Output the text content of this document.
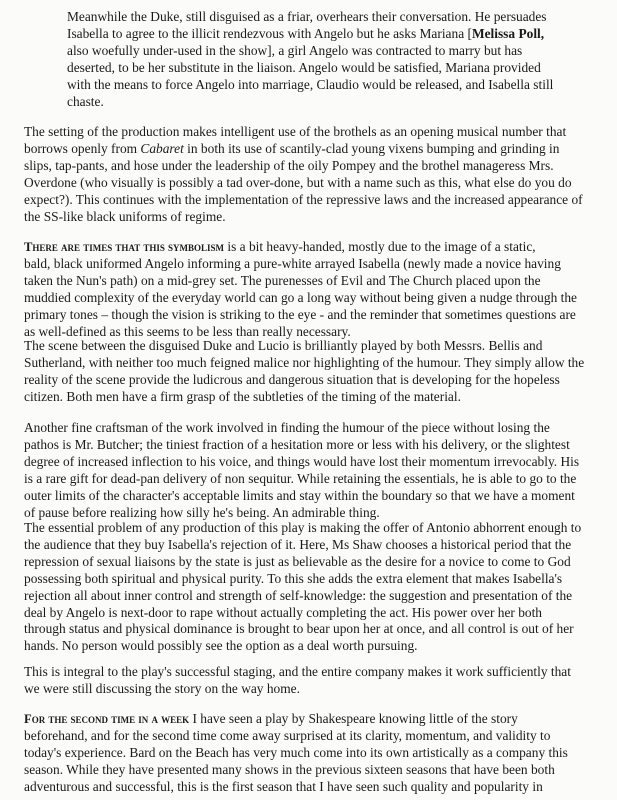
Meanwhile the Duke, still disguised as a friar, overhears their conversation. He persuades
Isabella to agree to the illicit rendezvous with Angelo but he asks Mariana [Melissa Poll,
also woefully under-used in the show], a girl Angelo was contracted to marry but has
deserted, to be her substitute in the liaison. Angelo would be satisfied, Mariana provided
with the means to force Angelo into marriage, Claudio would be released, and Isabella still
chaste.

The setting of the production makes intelligent use of the brothels as an opening musical number that
borrows openly from Cabaret in both its use of scantily-clad young vixens bumping and grinding in
slips, tap-pants, and hose under the leadership of the oily Pompey and the brothel manageress Mrs.
Overdone (who visually is possibly a tad over-done, but with a name such as this, what else do you do
expect?). This continues with the implementation of the repressive laws and the increased appearance of
the SS-like black uniforms of regime.

There are times that this symbolism is a bit heavy-handed, mostly due to the image of a static,
bald, black uniformed Angelo informing a pure-white arrayed Isabella (newly made a novice having
taken the Nun's path) on a mid-grey set. The purenesses of Evil and The Church placed upon the
muddied complexity of the everyday world can go a long way without being given a nudge through the
primary tones – though the vision is striking to the eye - and the reminder that sometimes questions are
as well-defined as this seems to be less than really necessary.

The scene between the disguised Duke and Lucio is brilliantly played by both Messrs. Bellis and
Sutherland, with neither too much feigned malice nor highlighting of the humour. They simply allow the
reality of the scene provide the ludicrous and dangerous situation that is developing for the hopeless
citizen. Both men have a firm grasp of the subtleties of the timing of the material.

Another fine craftsman of the work involved in finding the humour of the piece without losing the
pathos is Mr. Butcher; the tiniest fraction of a hesitation more or less with his delivery, or the slightest
degree of increased inflection to his voice, and things would have lost their momentum irrevocably. His
is a rare gift for dead-pan delivery of non sequitur. While retaining the essentials, he is able to go to the
outer limits of the character's acceptable limits and stay within the boundary so that we have a moment
of pause before realizing how silly he's being. An admirable thing.

The essential problem of any production of this play is making the offer of Antonio abhorrent enough to
the audience that they buy Isabella's rejection of it. Here, Ms Shaw chooses a historical period that the
repression of sexual liaisons by the state is just as believable as the desire for a novice to come to God
possessing both spiritual and physical purity. To this she adds the extra element that makes Isabella's
rejection all about inner control and strength of self-knowledge: the suggestion and presentation of the
deal by Angelo is next-door to rape without actually completing the act. His power over her both
through status and physical dominance is brought to bear upon her at once, and all control is out of her
hands. No person would possibly see the option as a deal worth pursuing.

This is integral to the play's successful staging, and the entire company makes it work sufficiently that
we were still discussing the story on the way home.

For the second time in a week I have seen a play by Shakespeare knowing little of the story
beforehand, and for the second time come away surprised at its clarity, momentum, and validity to
today's experience. Bard on the Beach has very much come into its own artistically as a company this
season. While they have presented many shows in the previous sixteen seasons that have been both
adventurous and successful, this is the first season that I have seen such quality and popularity in
